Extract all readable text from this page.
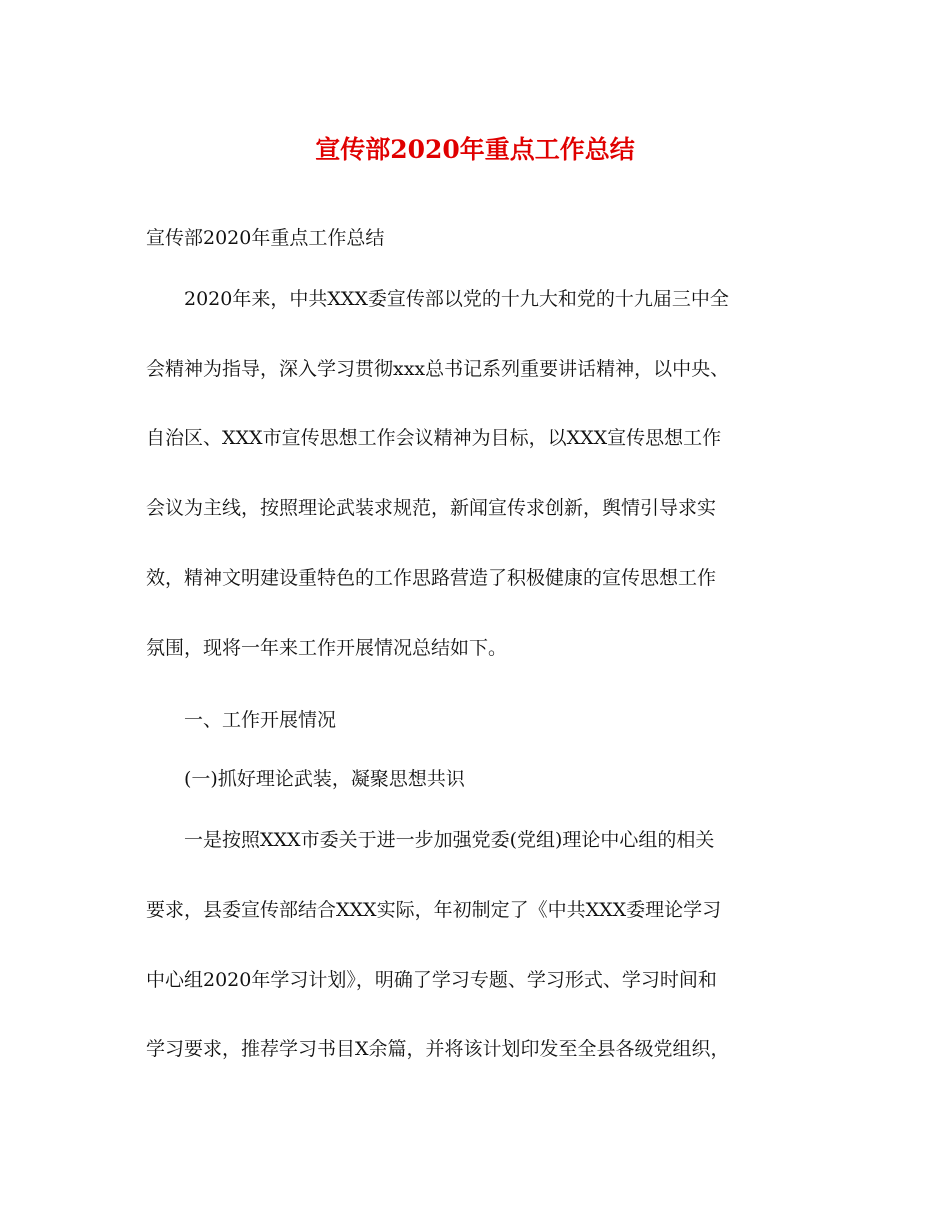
宣传部2020年重点工作总结

宣传部2020年重点工作总结

2020年来，中共XXX委宣传部以党的十九大和党的十九届三中全

会精神为指导，深入学习贯彻xxx总书记系列重要讲话精神，以中央、

自治区、XXX市宣传思想工作会议精神为目标，以XXX宣传思想工作

会议为主线，按照理论武装求规范，新闻宣传求创新，舆情引导求实

效，精神文明建设重特色的工作思路营造了积极健康的宣传思想工作

氛围，现将一年来工作开展情况总结如下。

一、工作开展情况

(一)抓好理论武装，凝聚思想共识

一是按照XXX市委关于进一步加强党委(党组)理论中心组的相关

要求，县委宣传部结合XXX实际，年初制定了《中共XXX委理论学习

中心组2020年学习计划》，明确了学习专题、学习形式、学习时间和

学习要求，推荐学习书目X余篇，并将该计划印发至全县各级党组织，
